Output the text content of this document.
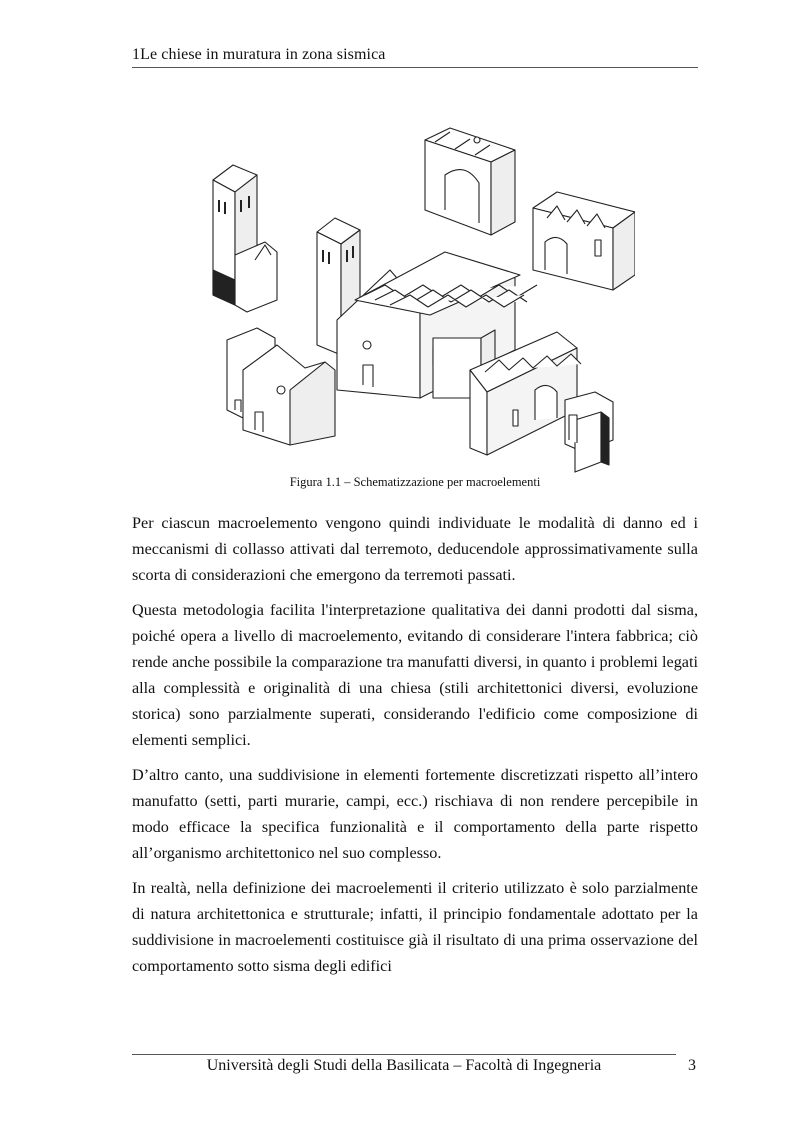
1Le chiese in muratura in zona sismica
Figura 1.1 – Schematizzazione per macroelementi

Per ciascun macroelemento vengono quindi individuate le modalità di danno ed i meccanismi di collasso attivati dal terremoto, deducendole approssimativamente sulla scorta di considerazioni che emergono da terremoti passati.

Questa metodologia facilita l'interpretazione qualitativa dei danni prodotti dal sisma, poiché opera a livello di macroelemento, evitando di considerare l'intera fabbrica; ciò rende anche possibile la comparazione tra manufatti diversi, in quanto i problemi legati alla complessità e originalità di una chiesa (stili architettonici diversi, evoluzione storica) sono parzialmente superati, considerando l'edificio come composizione di elementi semplici.

D’altro canto, una suddivisione in elementi fortemente discretizzati rispetto all’intero manufatto (setti, parti murarie, campi, ecc.) rischiava di non rendere percepibile in modo efficace la specifica funzionalità e il comportamento della parte rispetto all’organismo architettonico nel suo complesso.

In realtà, nella definizione dei macroelementi il criterio utilizzato è solo parzialmente di natura architettonica e strutturale; infatti, il principio fondamentale adottato per la suddivisione in macroelementi costituisce già il risultato di una prima osservazione del comportamento sotto sisma degli edifici

Università degli Studi della Basilicata – Facoltà di Ingegneria	3
